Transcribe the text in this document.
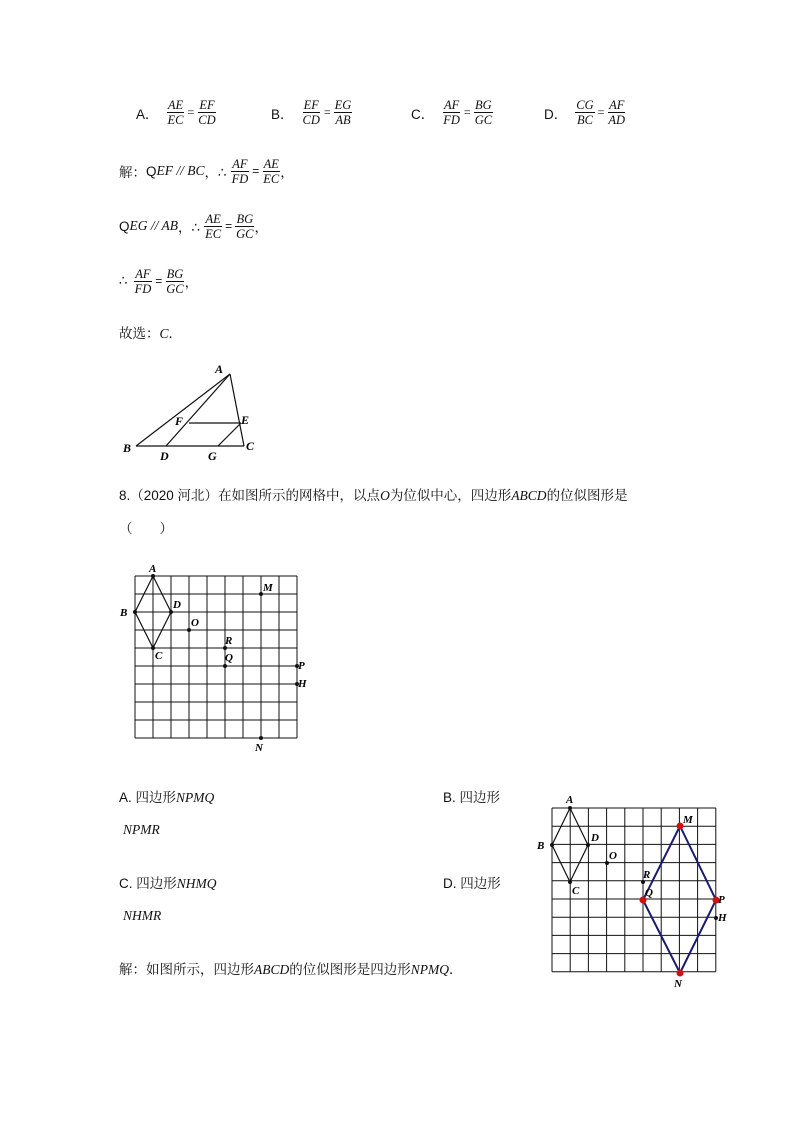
A． $\frac{AE}{EC} = \frac{EF}{CD}$	B． $\frac{EF}{CD} = \frac{EG}{AB}$	C． $\frac{AF}{FD} = \frac{BG}{GC}$	D． $\frac{CG}{BC} = \frac{AF}{AD}$
解： Q EF // BC ，∴ $\frac{AF}{FD} = \frac{AE}{EC}$ ，
Q EG // AB ，∴ $\frac{AE}{EC} = \frac{BG}{GC}$ ，
∴ $\frac{AF}{FD} = \frac{BG}{GC}$ ，
故选：C．
A
B	C
D
E
F
G
8.（2020 河北）在如图所示的网格中，以点O为位似中心，四边形ABCD的位似图形是
（　　）
A
B
C
D
O
M
R
Q
P
H
N
A. 四边形NPMQ	B. 四边形
NPMR
C. 四边形NHMQ	D. 四边形
NHMR
解：如图所示，四边形ABCD的位似图形是四边形NPMQ．
A
B
C
D
O
M
R
Q
P
H
N
